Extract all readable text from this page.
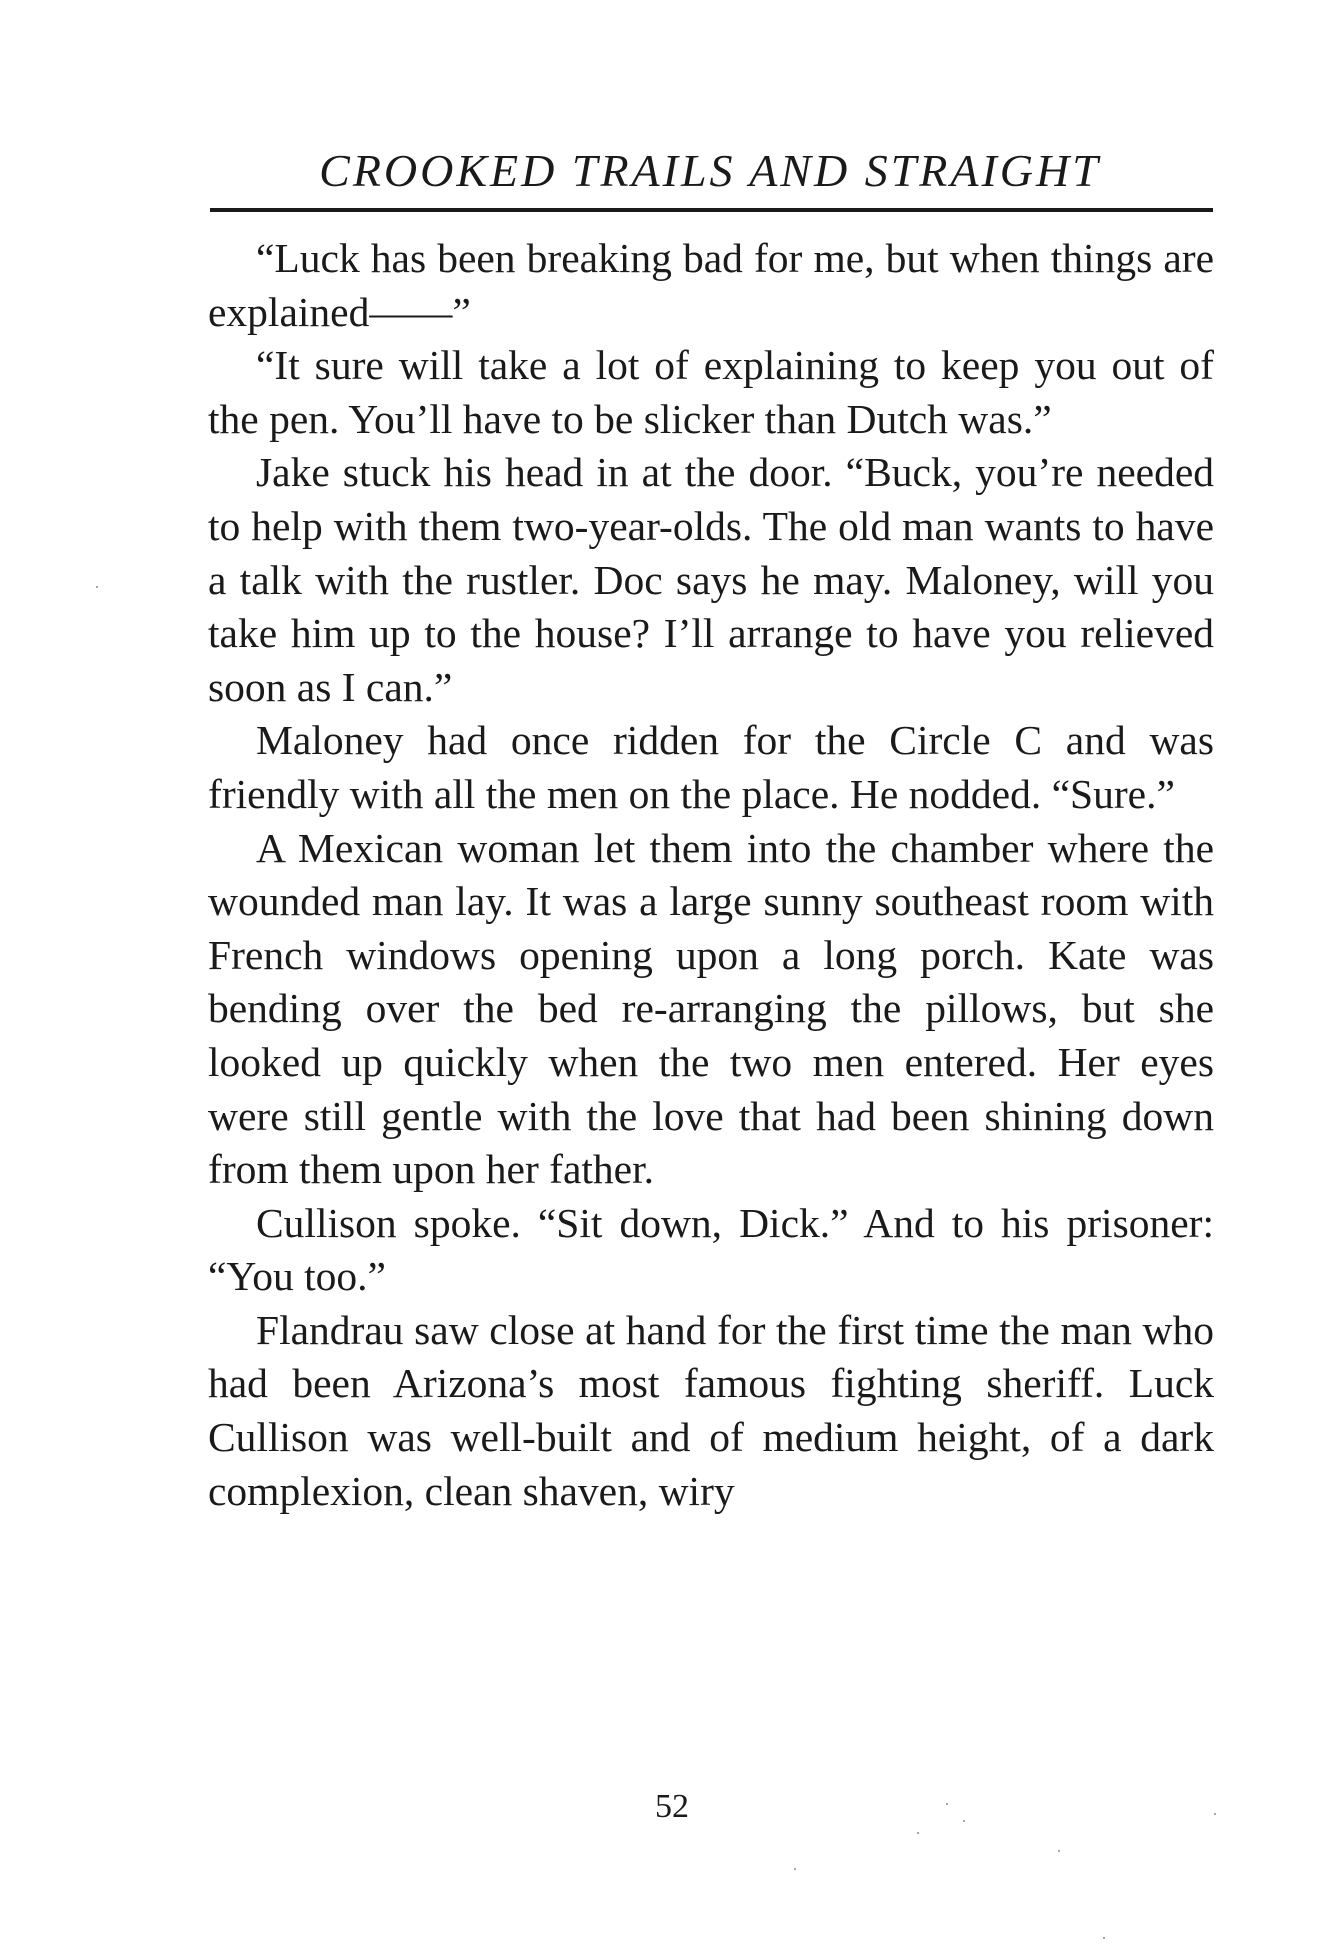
CROOKED TRAILS AND STRAIGHT

“Luck has been breaking bad for me, but when things are explained——”

“It sure will take a lot of explaining to keep you out of the pen. You’ll have to be slicker than Dutch was.”

Jake stuck his head in at the door. “Buck, you’re needed to help with them two-year-olds. The old man wants to have a talk with the rustler. Doc says he may. Maloney, will you take him up to the house? I’ll arrange to have you relieved soon as I can.”

Maloney had once ridden for the Circle C and was friendly with all the men on the place. He nodded. “Sure.”

A Mexican woman let them into the chamber where the wounded man lay. It was a large sunny southeast room with French windows opening upon a long porch. Kate was bending over the bed re-arranging the pillows, but she looked up quickly when the two men entered. Her eyes were still gentle with the love that had been shining down from them upon her father.

Cullison spoke. “Sit down, Dick.” And to his prisoner: “You too.”

Flandrau saw close at hand for the first time the man who had been Arizona’s most famous fighting sheriff. Luck Cullison was well-built and of medium height, of a dark complexion, clean shaven, wiry

52
